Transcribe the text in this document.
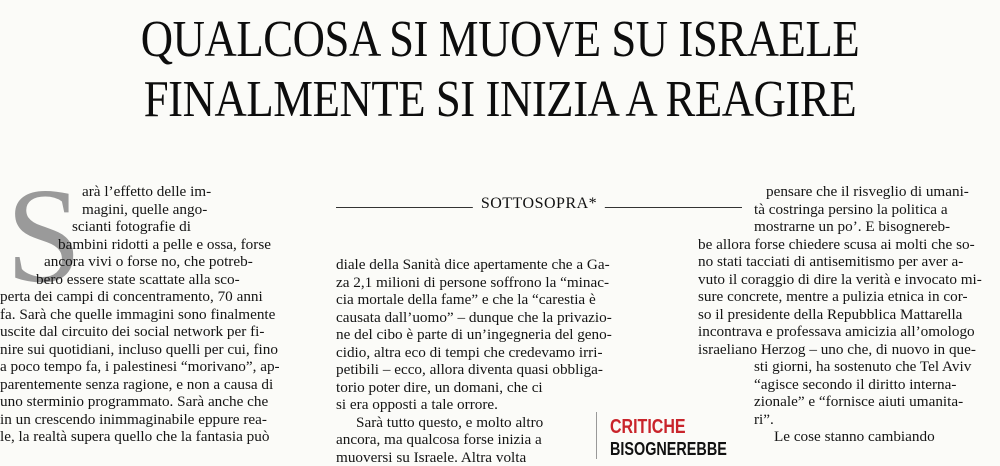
QUALCOSA SI MUOVE SU ISRAELE
FINALMENTE SI INIZIA A REAGIRE
S arà l’effetto delle im-
magini, quelle ango-
scianti fotografie di
bambini ridotti a pelle e ossa, forse
ancora vivi o forse no, che potreb-
bero essere state scattate alla sco-
perta dei campi di concentramento, 70 anni
fa. Sarà che quelle immagini sono finalmente
uscite dal circuito dei social network per fi-
nire sui quotidiani, incluso quelli per cui, fino
a poco tempo fa, i palestinesi “morivano”, ap-
parentemente senza ragione, e non a causa di
uno sterminio programmato. Sarà anche che
in un crescendo inimmaginabile eppure rea-
le, la realtà supera quello che la fantasia può
SOTTOSOPRA*
diale della Sanità dice apertamente che a Ga-
za 2,1 milioni di persone soffrono la “minac-
cia mortale della fame” e che la “carestia è
causata dall’uomo” – dunque che la privazio-
ne del cibo è parte di un’ingegneria del geno-
cidio, altra eco di tempi che credevamo irri-
petibili – ecco, allora diventa quasi obbliga-
torio poter dire, un domani, che ci
si era opposti a tale orrore.
Sarà tutto questo, e molto altro
ancora, ma qualcosa forse inizia a
muoversi su Israele. Altra volta
CRITICHE
BISOGNEREBBE
pensare che il risveglio di umani-
tà costringa persino la politica a
mostrarne un po’. E bisognereb-
be allora forse chiedere scusa ai molti che so-
no stati tacciati di antisemitismo per aver a-
vuto il coraggio di dire la verità e invocato mi-
sure concrete, mentre a pulizia etnica in cor-
so il presidente della Repubblica Mattarella
incontrava e professava amicizia all’omologo
israeliano Herzog – uno che, di nuovo in que-
sti giorni, ha sostenuto che Tel Aviv
“agisce secondo il diritto interna-
zionale” e “fornisce aiuti umanita-
ri”.
Le cose stanno cambiando
